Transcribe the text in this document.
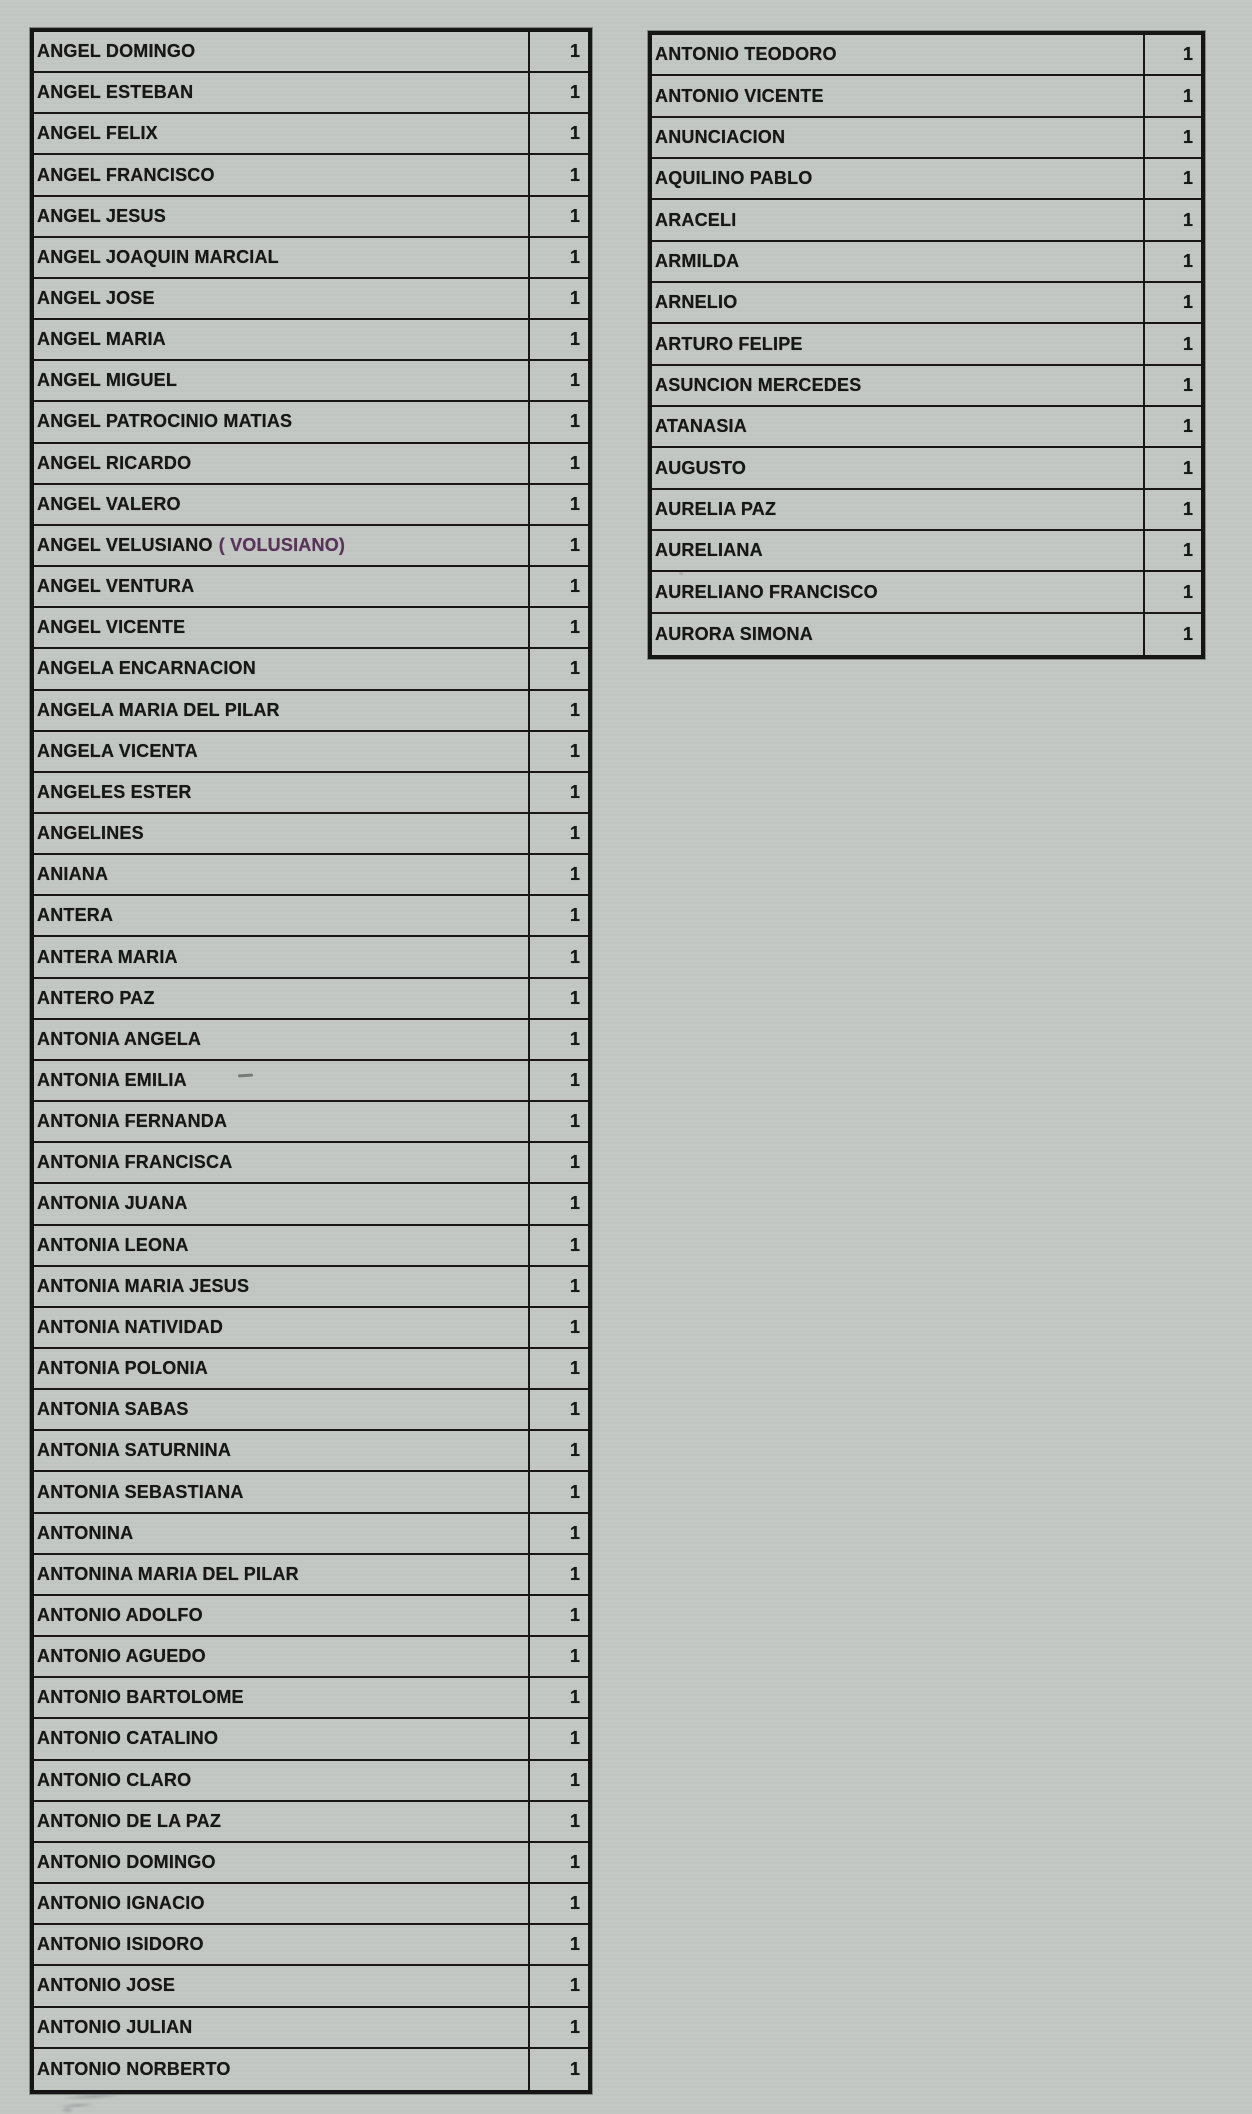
ANGEL DOMINGO	1
ANGEL ESTEBAN	1
ANGEL FELIX	1
ANGEL FRANCISCO	1
ANGEL JESUS	1
ANGEL JOAQUIN MARCIAL	1
ANGEL JOSE	1
ANGEL MARIA	1
ANGEL MIGUEL	1
ANGEL PATROCINIO MATIAS	1
ANGEL RICARDO	1
ANGEL VALERO	1
ANGEL VELUSIANO ( VOLUSIANO)	1
ANGEL VENTURA	1
ANGEL VICENTE	1
ANGELA ENCARNACION	1
ANGELA MARIA DEL PILAR	1
ANGELA VICENTA	1
ANGELES ESTER	1
ANGELINES	1
ANIANA	1
ANTERA	1
ANTERA MARIA	1
ANTERO PAZ	1
ANTONIA ANGELA	1
ANTONIA EMILIA	1
ANTONIA FERNANDA	1
ANTONIA FRANCISCA	1
ANTONIA JUANA	1
ANTONIA LEONA	1
ANTONIA MARIA JESUS	1
ANTONIA NATIVIDAD	1
ANTONIA POLONIA	1
ANTONIA SABAS	1
ANTONIA SATURNINA	1
ANTONIA SEBASTIANA	1
ANTONINA	1
ANTONINA MARIA DEL PILAR	1
ANTONIO ADOLFO	1
ANTONIO AGUEDO	1
ANTONIO BARTOLOME	1
ANTONIO CATALINO	1
ANTONIO CLARO	1
ANTONIO DE LA PAZ	1
ANTONIO DOMINGO	1
ANTONIO IGNACIO	1
ANTONIO ISIDORO	1
ANTONIO JOSE	1
ANTONIO JULIAN	1
ANTONIO NORBERTO	1
ANTONIO TEODORO	1
ANTONIO VICENTE	1
ANUNCIACION	1
AQUILINO PABLO	1
ARACELI	1
ARMILDA	1
ARNELIO	1
ARTURO FELIPE	1
ASUNCION MERCEDES	1
ATANASIA	1
AUGUSTO	1
AURELIA PAZ	1
AURELIANA	1
AURELIANO FRANCISCO	1
AURORA SIMONA	1
